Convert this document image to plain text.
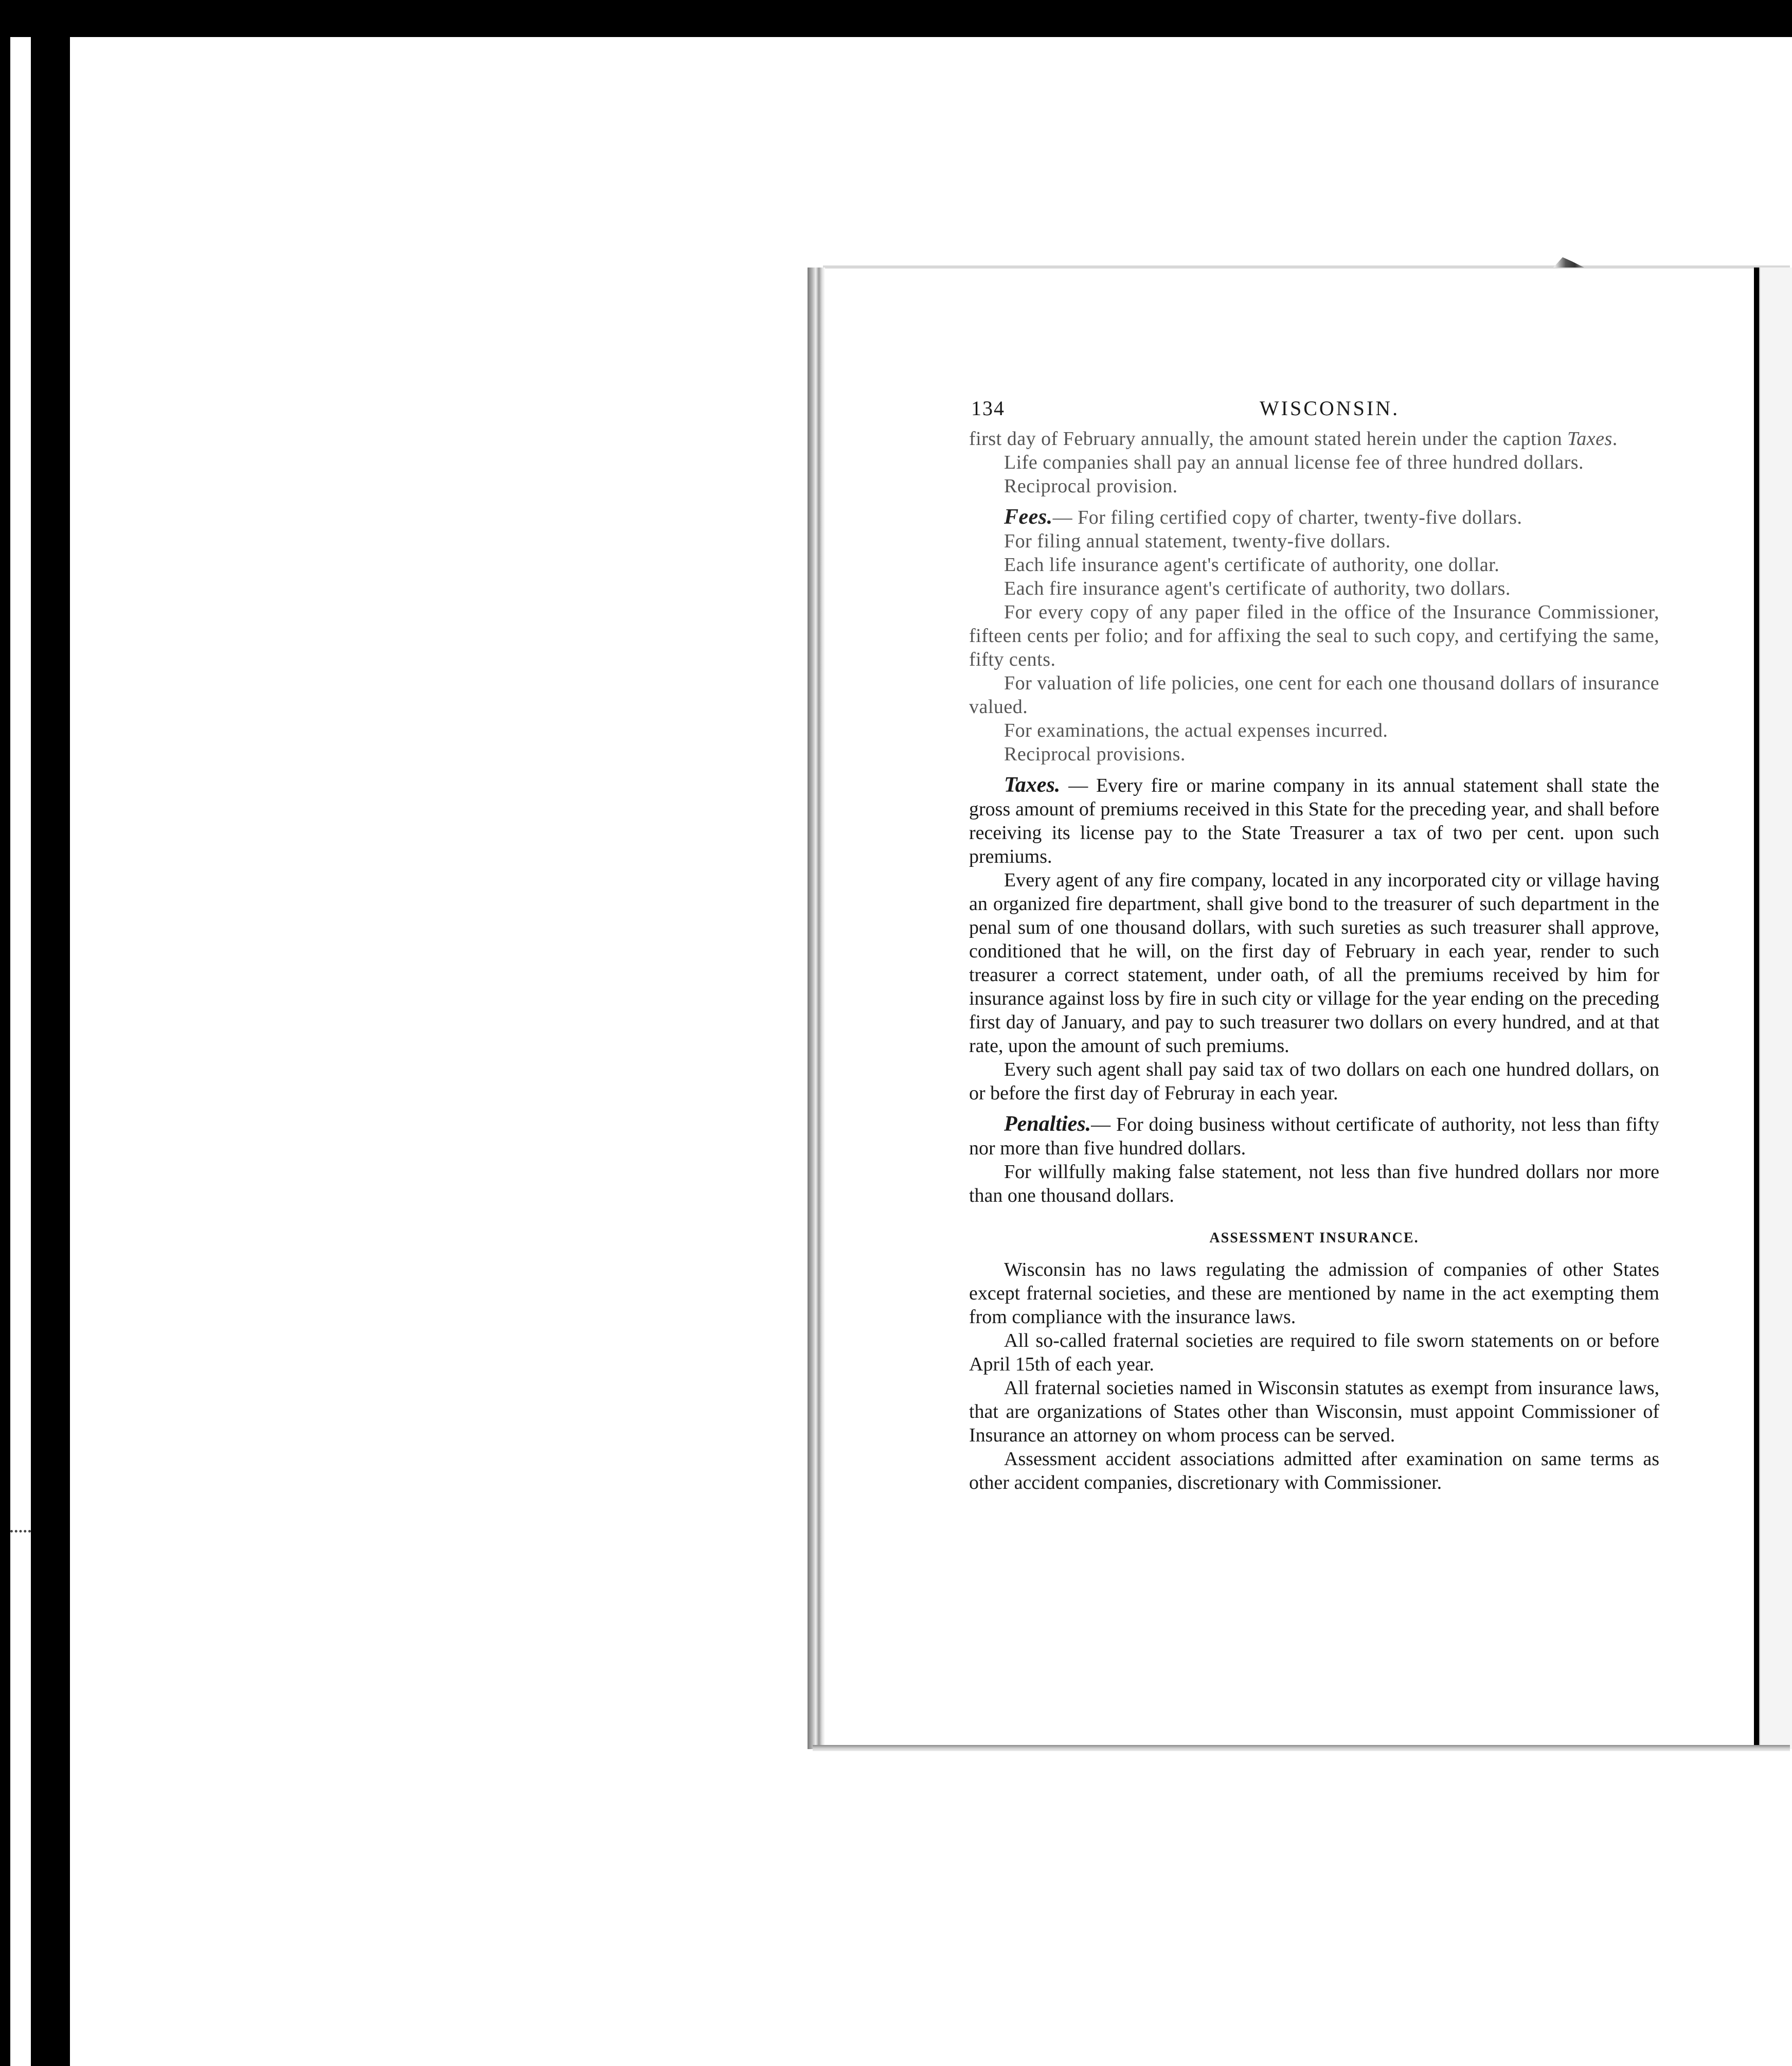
134	WISCONSIN.

first day of February annually, the amount stated herein under the caption Taxes.

Life companies shall pay an annual license fee of three hundred dollars.

Reciprocal provision.

Fees.— For filing certified copy of charter, twenty-five dollars.

For filing annual statement, twenty-five dollars.

Each life insurance agent's certificate of authority, one dollar.

Each fire insurance agent's certificate of authority, two dollars.

For every copy of any paper filed in the office of the Insurance Commissioner, fifteen cents per folio; and for affixing the seal to such copy, and certifying the same, fifty cents.

For valuation of life policies, one cent for each one thousand dollars of insurance valued.

For examinations, the actual expenses incurred.

Reciprocal provisions.

Taxes. — Every fire or marine company in its annual statement shall state the gross amount of premiums received in this State for the preceding year, and shall before receiving its license pay to the State Treasurer a tax of two per cent. upon such premiums.

Every agent of any fire company, located in any incorporated city or village having an organized fire department, shall give bond to the treasurer of such department in the penal sum of one thousand dollars, with such sureties as such treasurer shall approve, conditioned that he will, on the first day of February in each year, render to such treasurer a correct statement, under oath, of all the premiums received by him for insurance against loss by fire in such city or village for the year ending on the preceding first day of January, and pay to such treasurer two dollars on every hundred, and at that rate, upon the amount of such premiums.

Every such agent shall pay said tax of two dollars on each one hundred dollars, on or before the first day of Februray in each year.

Penalties.— For doing business without certificate of authority, not less than fifty nor more than five hundred dollars.

For willfully making false statement, not less than five hundred dollars nor more than one thousand dollars.

ASSESSMENT INSURANCE.

Wisconsin has no laws regulating the admission of companies of other States except fraternal societies, and these are mentioned by name in the act exempting them from compliance with the insurance laws.

All so-called fraternal societies are required to file sworn statements on or before April 15th of each year.

All fraternal societies named in Wisconsin statutes as exempt from insurance laws, that are organizations of States other than Wisconsin, must appoint Commissioner of Insurance an attorney on whom process can be served.

Assessment accident associations admitted after examination on same terms as other accident companies, discretionary with Commissioner.
